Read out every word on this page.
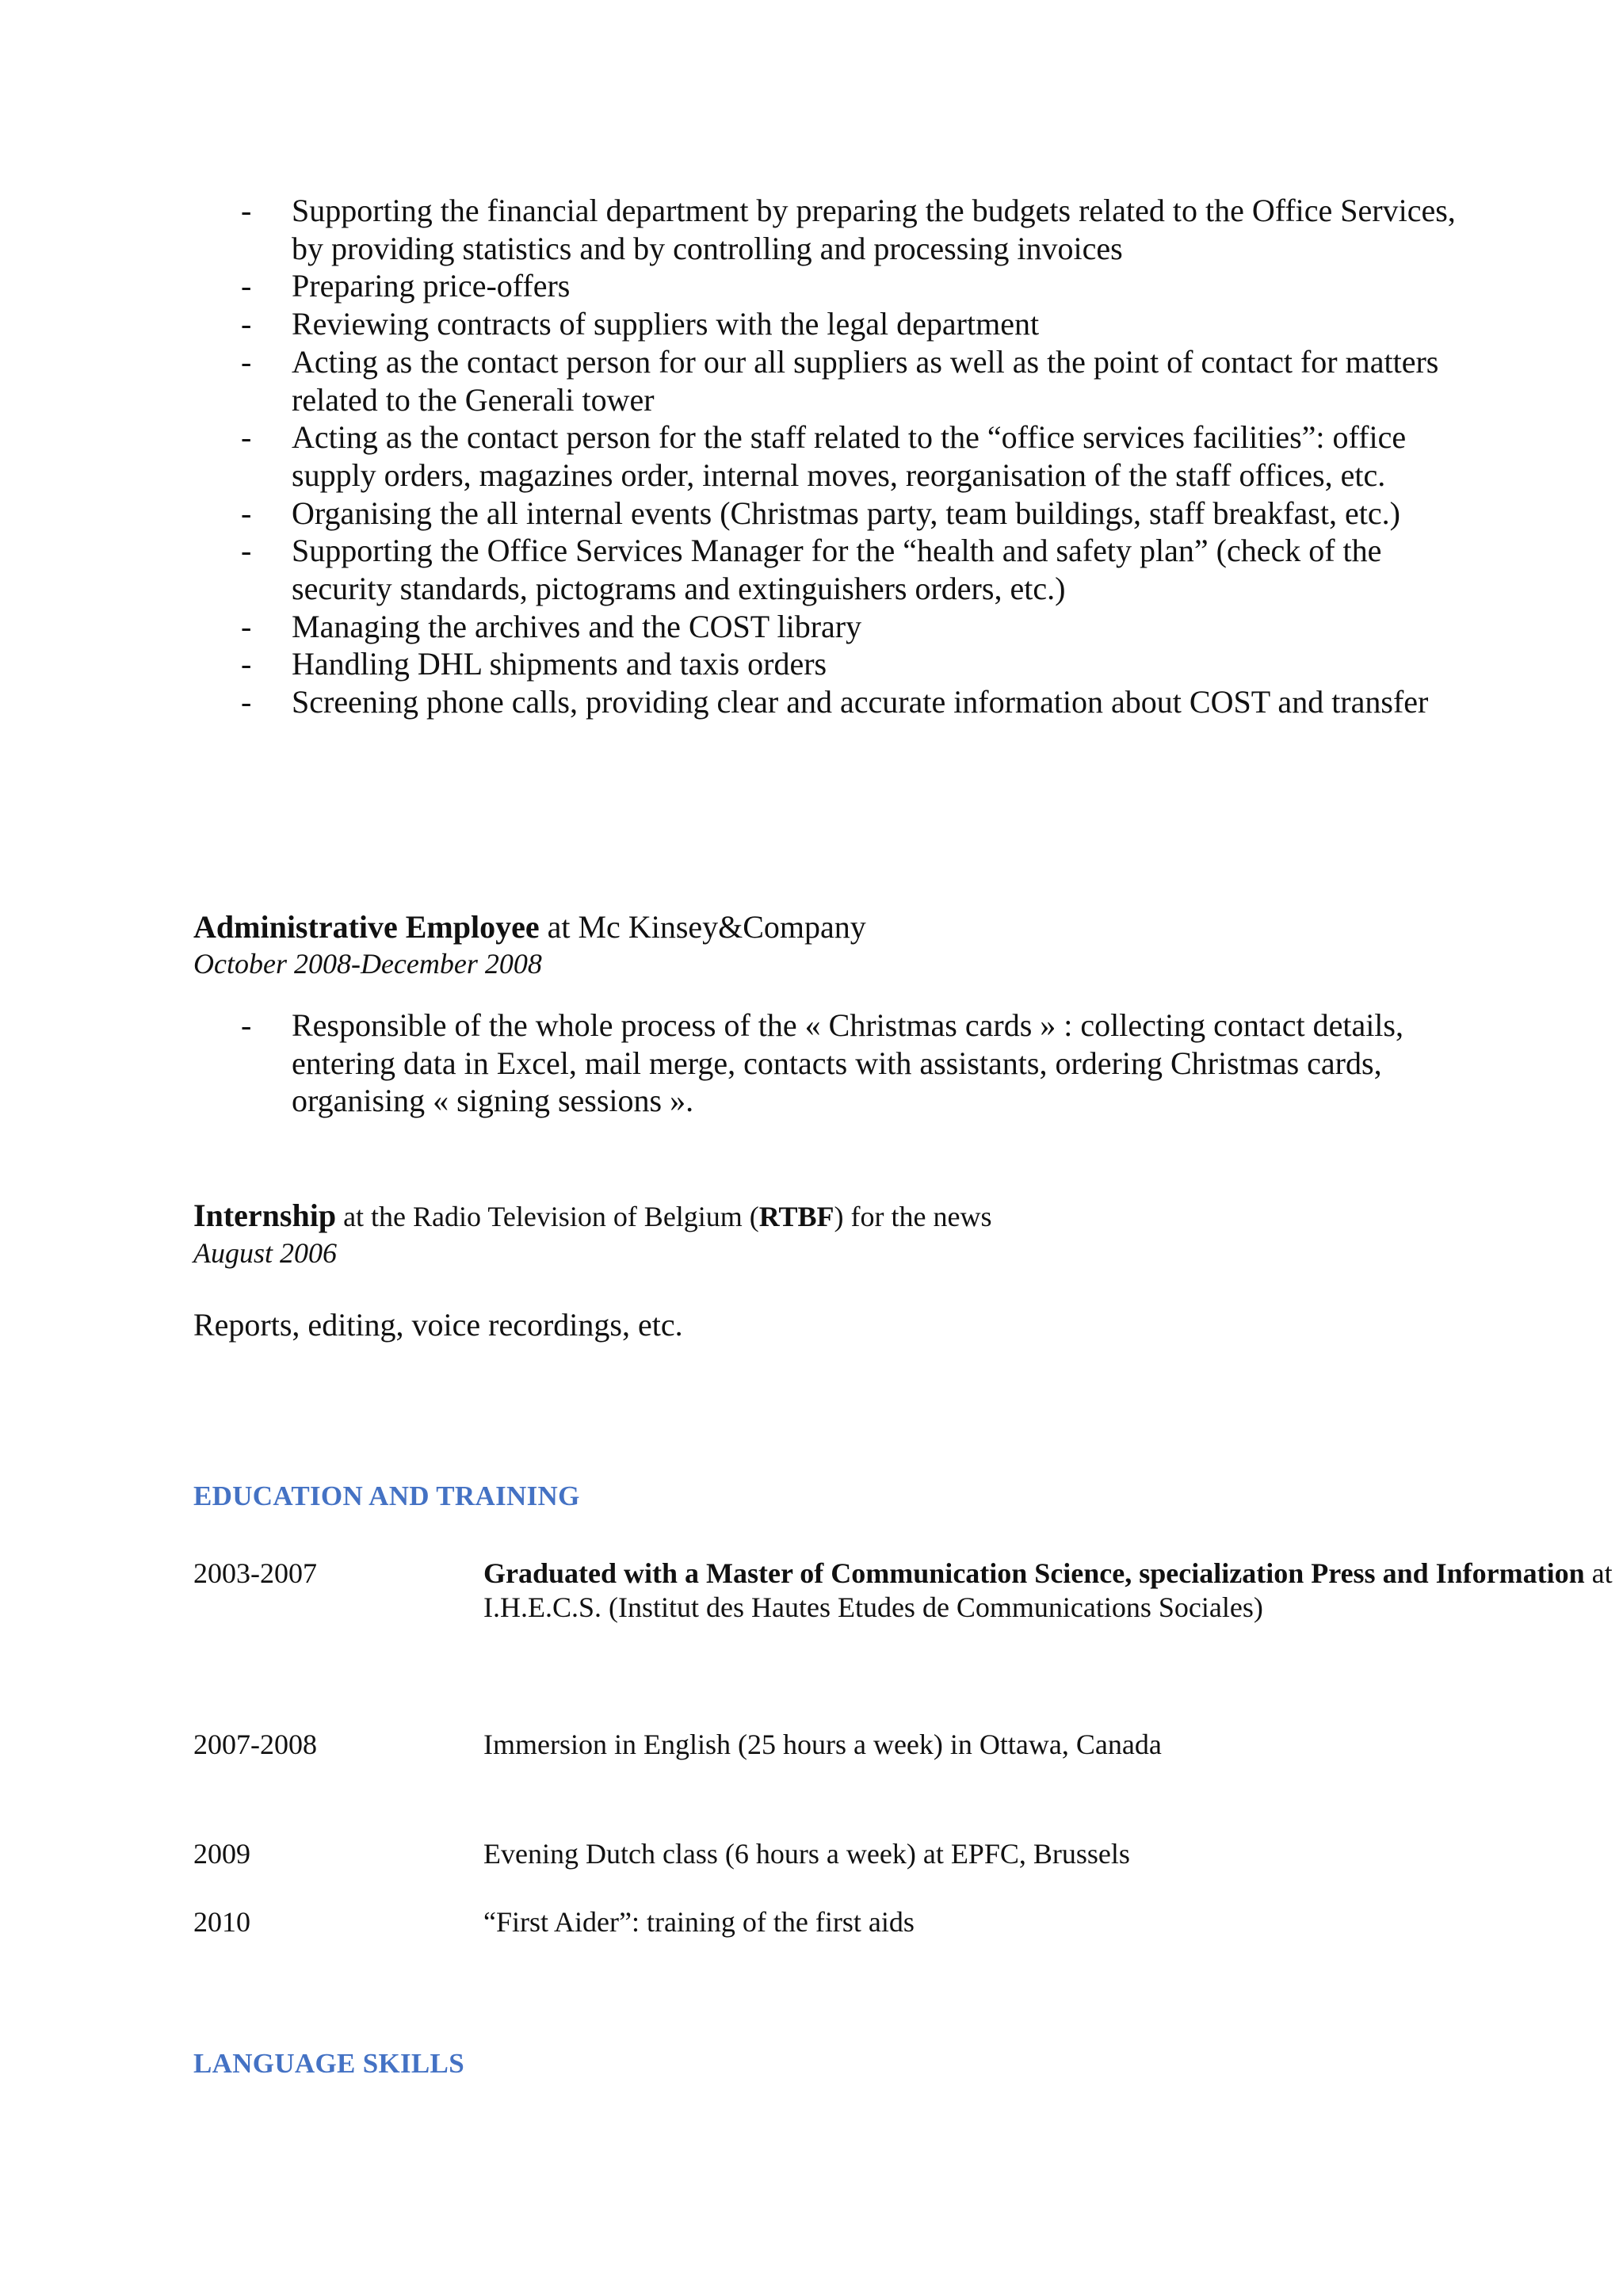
- Supporting the financial department by preparing the budgets related to the Office Services, by providing statistics and by controlling and processing invoices
- Preparing price-offers
- Reviewing contracts of suppliers with the legal department
- Acting as the contact person for our all suppliers as well as the point of contact for matters related to the Generali tower
- Acting as the contact person for the staff related to the “office services facilities”: office supply orders, magazines order, internal moves, reorganisation of the staff offices, etc.
- Organising the all internal events (Christmas party, team buildings, staff breakfast, etc.)
- Supporting the Office Services Manager for the “health and safety plan” (check of the security standards, pictograms and extinguishers orders, etc.)
- Managing the archives and the COST library
- Handling DHL shipments and taxis orders
- Screening phone calls, providing clear and accurate information about COST and transfer
Administrative Employee at Mc Kinsey&Company
October 2008-December 2008
- Responsible of the whole process of the « Christmas cards » : collecting contact details, entering data in Excel, mail merge, contacts with assistants, ordering Christmas cards, organising « signing sessions ».
Internship at the Radio Television of Belgium (RTBF) for the news
August 2006
Reports, editing, voice recordings, etc.
EDUCATION AND TRAINING
2003-2007	Graduated with a Master of Communication Science, specialization Press and Information at I.H.E.C.S. (Institut des Hautes Etudes de Communications Sociales)
2007-2008	Immersion in English (25 hours a week) in Ottawa, Canada
2009	Evening Dutch class (6 hours a week) at EPFC, Brussels
2010	“First Aider”: training of the first aids
LANGUAGE SKILLS
